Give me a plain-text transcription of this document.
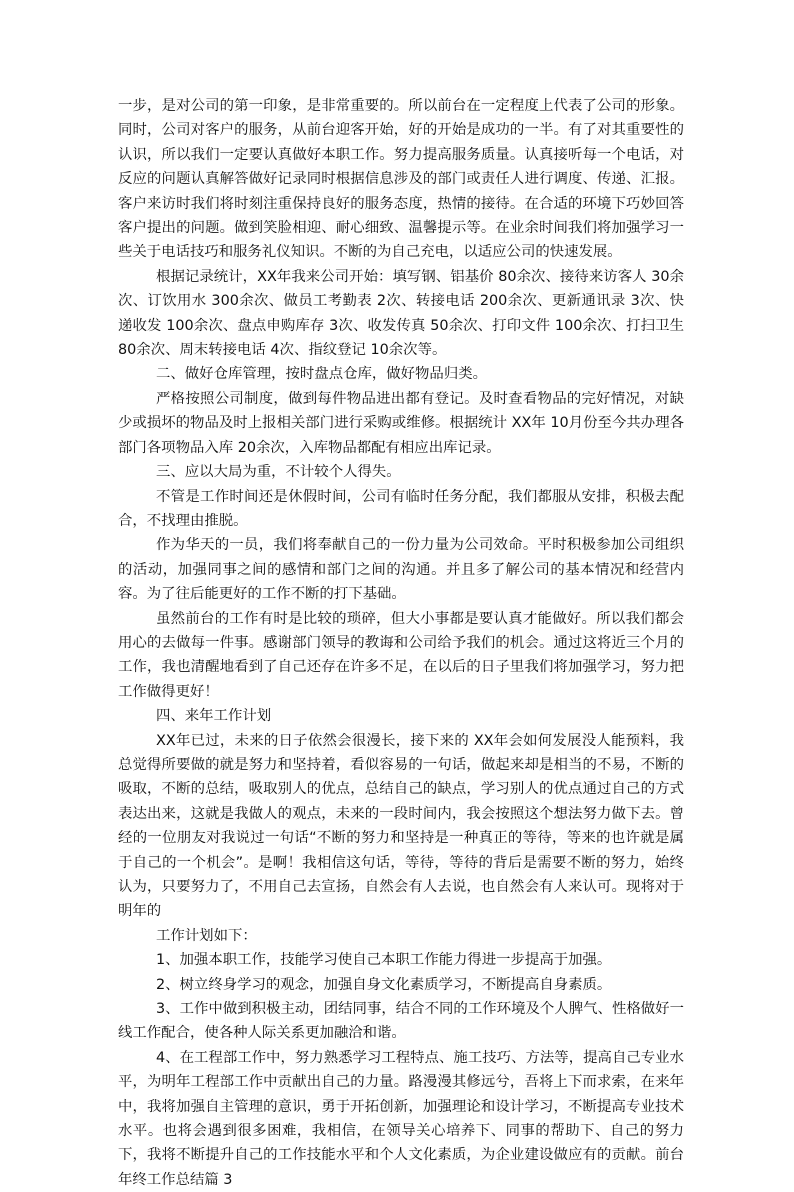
一步，是对公司的第一印象，是非常重要的。所以前台在一定程度上代表了公司的形象。同时，公司对客户的服务，从前台迎客开始，好的开始是成功的一半。有了对其重要性的认识，所以我们一定要认真做好本职工作。努力提高服务质量。认真接听每一个电话，对反应的问题认真解答做好记录同时根据信息涉及的部门或责任人进行调度、传递、汇报。客户来访时我们将时刻注重保持良好的服务态度，热情的接待。在合适的环境下巧妙回答客户提出的问题。做到笑脸相迎、耐心细致、温馨提示等。在业余时间我们将加强学习一些关于电话技巧和服务礼仪知识。不断的为自己充电，以适应公司的快速发展。

根据记录统计，XX年我来公司开始：填写钢、铝基价 80余次、接待来访客人 30余次、订饮用水 300余次、做员工考勤表 2次、转接电话 200余次、更新通讯录 3次、快递收发 100余次、盘点申购库存 3次、收发传真 50余次、打印文件 100余次、打扫卫生 80余次、周末转接电话 4次、指纹登记 10余次等。

二、做好仓库管理，按时盘点仓库，做好物品归类。

严格按照公司制度，做到每件物品进出都有登记。及时查看物品的完好情况，对缺少或损坏的物品及时上报相关部门进行采购或维修。根据统计 XX年 10月份至今共办理各部门各项物品入库 20余次，入库物品都配有相应出库记录。

三、应以大局为重，不计较个人得失。

不管是工作时间还是休假时间，公司有临时任务分配，我们都服从安排，积极去配合，不找理由推脱。

作为华天的一员，我们将奉献自己的一份力量为公司效命。平时积极参加公司组织的活动，加强同事之间的感情和部门之间的沟通。并且多了解公司的基本情况和经营内容。为了往后能更好的工作不断的打下基础。

虽然前台的工作有时是比较的琐碎，但大小事都是要认真才能做好。所以我们都会用心的去做每一件事。感谢部门领导的教诲和公司给予我们的机会。通过这将近三个月的工作，我也清醒地看到了自己还存在许多不足，在以后的日子里我们将加强学习，努力把工作做得更好！

四、来年工作计划

XX年已过，未来的日子依然会很漫长，接下来的 XX年会如何发展没人能预料，我总觉得所要做的就是努力和坚持着，看似容易的一句话，做起来却是相当的不易，不断的吸取，不断的总结，吸取别人的优点，总结自己的缺点，学习别人的优点通过自己的方式表达出来，这就是我做人的观点，未来的一段时间内，我会按照这个想法努力做下去。曾经的一位朋友对我说过一句话“不断的努力和坚持是一种真正的等待，等来的也许就是属于自己的一个机会”。是啊！我相信这句话，等待，等待的背后是需要不断的努力，始终认为，只要努力了，不用自己去宣扬，自然会有人去说，也自然会有人来认可。现将对于明年的

工作计划如下：

1、加强本职工作，技能学习使自己本职工作能力得进一步提高于加强。

2、树立终身学习的观念，加强自身文化素质学习，不断提高自身素质。

3、工作中做到积极主动，团结同事，结合不同的工作环境及个人脾气、性格做好一线工作配合，使各种人际关系更加融洽和谐。

4、在工程部工作中，努力熟悉学习工程特点、施工技巧、方法等，提高自己专业水平，为明年工程部工作中贡献出自己的力量。路漫漫其修远兮，吾将上下而求索，在来年中，我将加强自主管理的意识，勇于开拓创新，加强理论和设计学习，不断提高专业技术水平。也将会遇到很多困难，我相信，在领导关心培养下、同事的帮助下、自己的努力下，我将不断提升自己的工作技能水平和个人文化素质，为企业建设做应有的贡献。前台年终工作总结篇 3
